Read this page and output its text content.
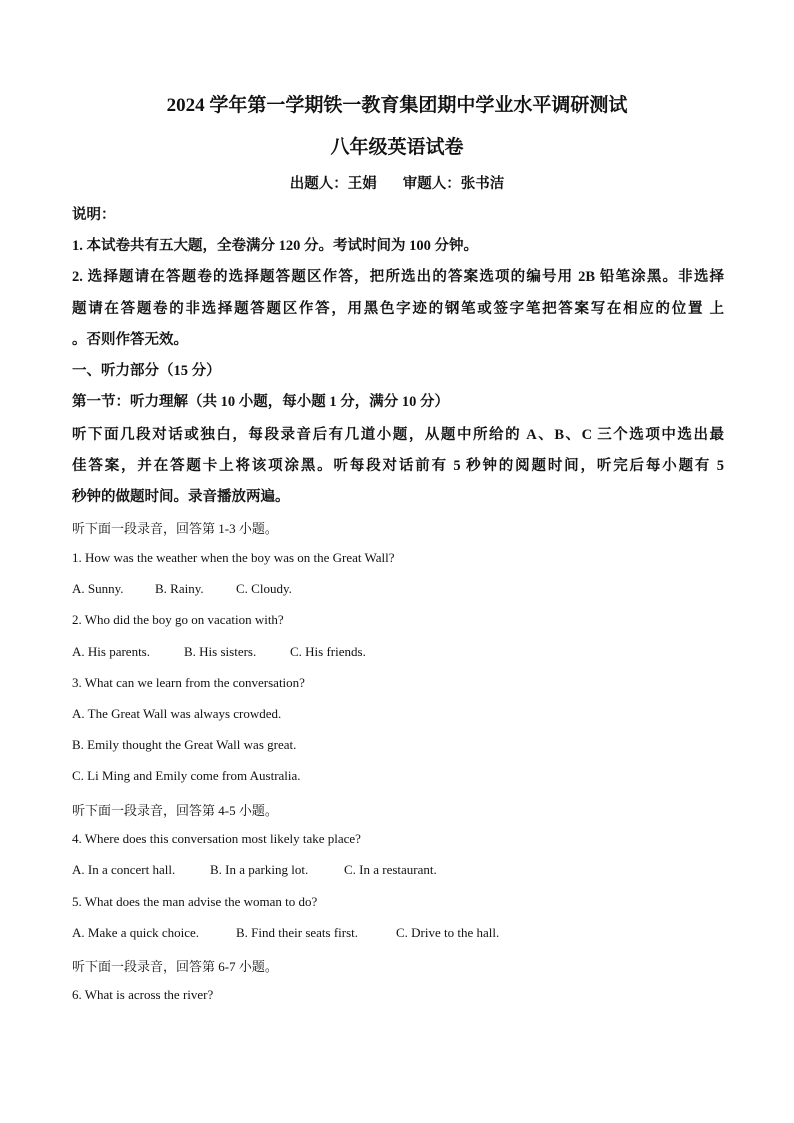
2024 学年第一学期铁一教育集团期中学业水平调研测试
八年级英语试卷
出题人：王娟 审题人：张书洁
说明：
1. 本试卷共有五大题，全卷满分 120 分。考试时间为 100 分钟。
2. 选择题请在答题卷的选择题答题区作答，把所选出的答案选项的编号用 2B 铅笔涂黑。非选择
题请在答题卷的非选择题答题区作答，用黑色字迹的钢笔或签字笔把答案写在相应的位置 上
。否则作答无效。
一、听力部分（15 分）
第一节：听力理解（共 10 小题，每小题 1 分，满分 10 分）
听下面几段对话或独白，每段录音后有几道小题，从题中所给的 A、B、C 三个选项中选出最
佳答案，并在答题卡上将该项涂黑。听每段对话前有 5 秒钟的阅题时间，听完后每小题有 5
秒钟的做题时间。录音播放两遍。
听下面一段录音，回答第 1-3 小题。
1. How was the weather when the boy was on the Great Wall?
A. Sunny. B. Rainy. C. Cloudy.
2. Who did the boy go on vacation with?
A. His parents.	B. His sisters.	C. His friends.
3. What can we learn from the conversation?
A. The Great Wall was always crowded.
B. Emily thought the Great Wall was great.
C. Li Ming and Emily come from Australia.
听下面一段录音，回答第 4-5 小题。
4. Where does this conversation most likely take place?
A. In a concert hall.	B. In a parking lot.	C. In a restaurant.
5. What does the man advise the woman to do?
A. Make a quick choice.	B. Find their seats first.	C. Drive to the hall.
听下面一段录音，回答第 6-7 小题。
6. What is across the river?
